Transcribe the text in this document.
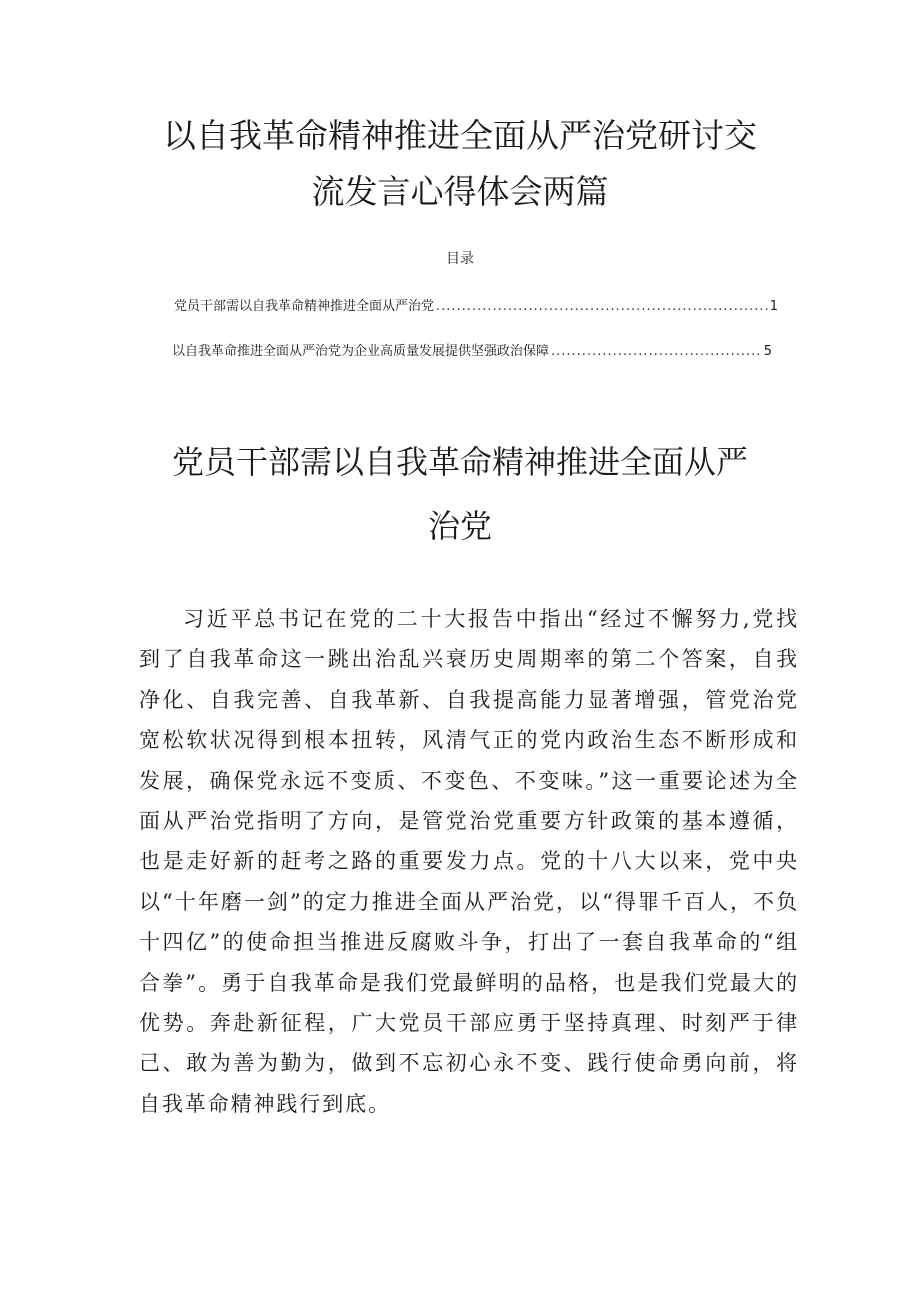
以自我革命精神推进全面从严治党研讨交
流发言心得体会两篇
目录
党员干部需以自我革命精神推进全面从严治党 .....	1
以自我革命推进全面从严治党为企业高质量发展提供坚强政治保障 .....	5
党员干部需以自我革命精神推进全面从严
治党

习近平总书记在党的二十大报告中指出“经过不懈努力,党找到了自我革命这一跳出治乱兴衰历史周期率的第二个答案，自我净化、自我完善、自我革新、自我提高能力显著增强，管党治党宽松软状况得到根本扭转，风清气正的党内政治生态不断形成和发展，确保党永远不变质、不变色、不变味。”这一重要论述为全面从严治党指明了方向，是管党治党重要方针政策的基本遵循，也是走好新的赶考之路的重要发力点。党的十八大以来，党中央以“十年磨一剑”的定力推进全面从严治党，以“得罪千百人，不负十四亿”的使命担当推进反腐败斗争，打出了一套自我革命的“组合拳”。勇于自我革命是我们党最鲜明的品格，也是我们党最大的优势。奔赴新征程，广大党员干部应勇于坚持真理、时刻严于律己、敢为善为勤为，做到不忘初心永不变、践行使命勇向前，将自我革命精神践行到底。
